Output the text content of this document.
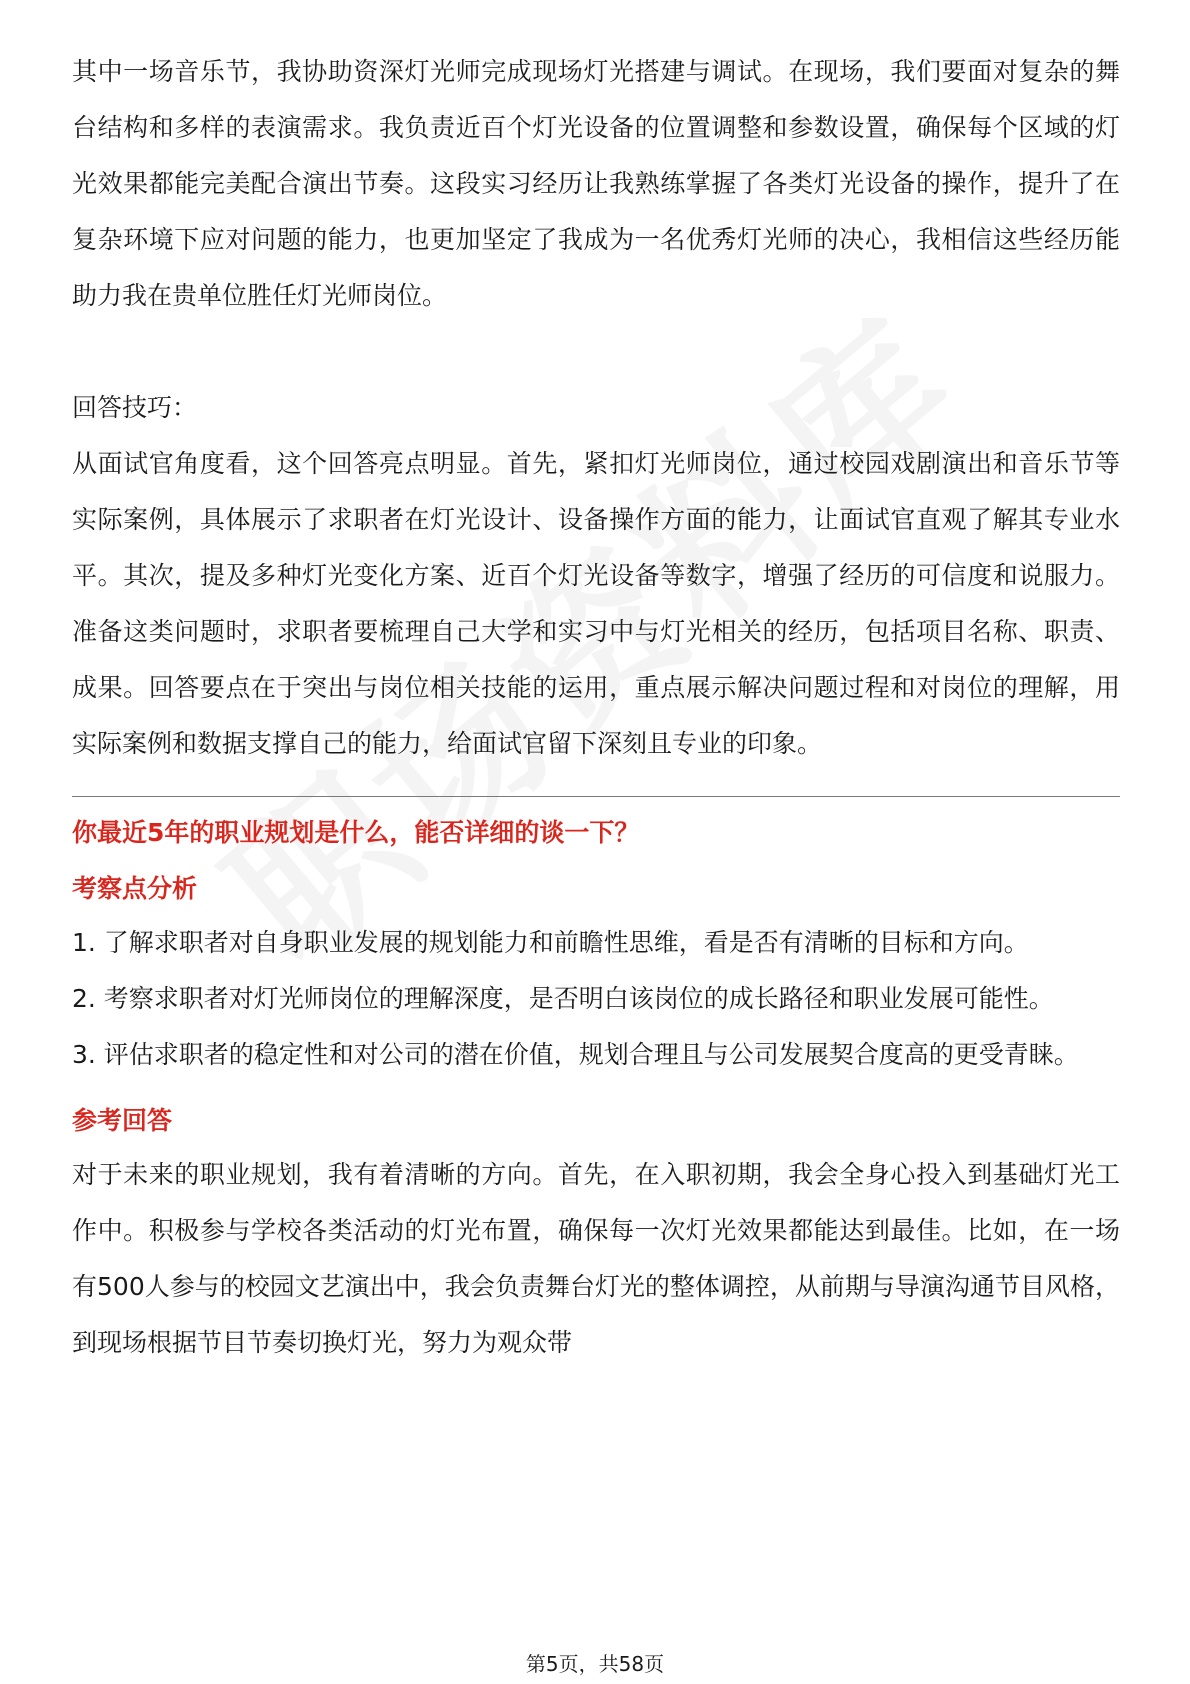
其中一场音乐节，我协助资深灯光师完成现场灯光搭建与调试。在现场，我们要面对复杂的舞台结构和多样的表演需求。我负责近百个灯光设备的位置调整和参数设置，确保每个区域的灯光效果都能完美配合演出节奏。这段实习经历让我熟练掌握了各类灯光设备的操作，提升了在复杂环境下应对问题的能力，也更加坚定了我成为一名优秀灯光师的决心，我相信这些经历能助力我在贵单位胜任灯光师岗位。

回答技巧：

从面试官角度看，这个回答亮点明显。首先，紧扣灯光师岗位，通过校园戏剧演出和音乐节等实际案例，具体展示了求职者在灯光设计、设备操作方面的能力，让面试官直观了解其专业水平。其次，提及多种灯光变化方案、近百个灯光设备等数字，增强了经历的可信度和说服力。准备这类问题时，求职者要梳理自己大学和实习中与灯光相关的经历，包括项目名称、职责、成果。回答要点在于突出与岗位相关技能的运用，重点展示解决问题过程和对岗位的理解，用实际案例和数据支撑自己的能力，给面试官留下深刻且专业的印象。

你最近5年的职业规划是什么，能否详细的谈一下？
考察点分析

1. 了解求职者对自身职业发展的规划能力和前瞻性思维，看是否有清晰的目标和方向。

2. 考察求职者对灯光师岗位的理解深度，是否明白该岗位的成长路径和职业发展可能性。

3. 评估求职者的稳定性和对公司的潜在价值，规划合理且与公司发展契合度高的更受青睐。

参考回答

对于未来的职业规划，我有着清晰的方向。首先，在入职初期，我会全身心投入到基础灯光工作中。积极参与学校各类活动的灯光布置，确保每一次灯光效果都能达到最佳。比如，在一场有500人参与的校园文艺演出中，我会负责舞台灯光的整体调控，从前期与导演沟通节目风格，到现场根据节目节奏切换灯光，努力为观众带

第5页，共58页
